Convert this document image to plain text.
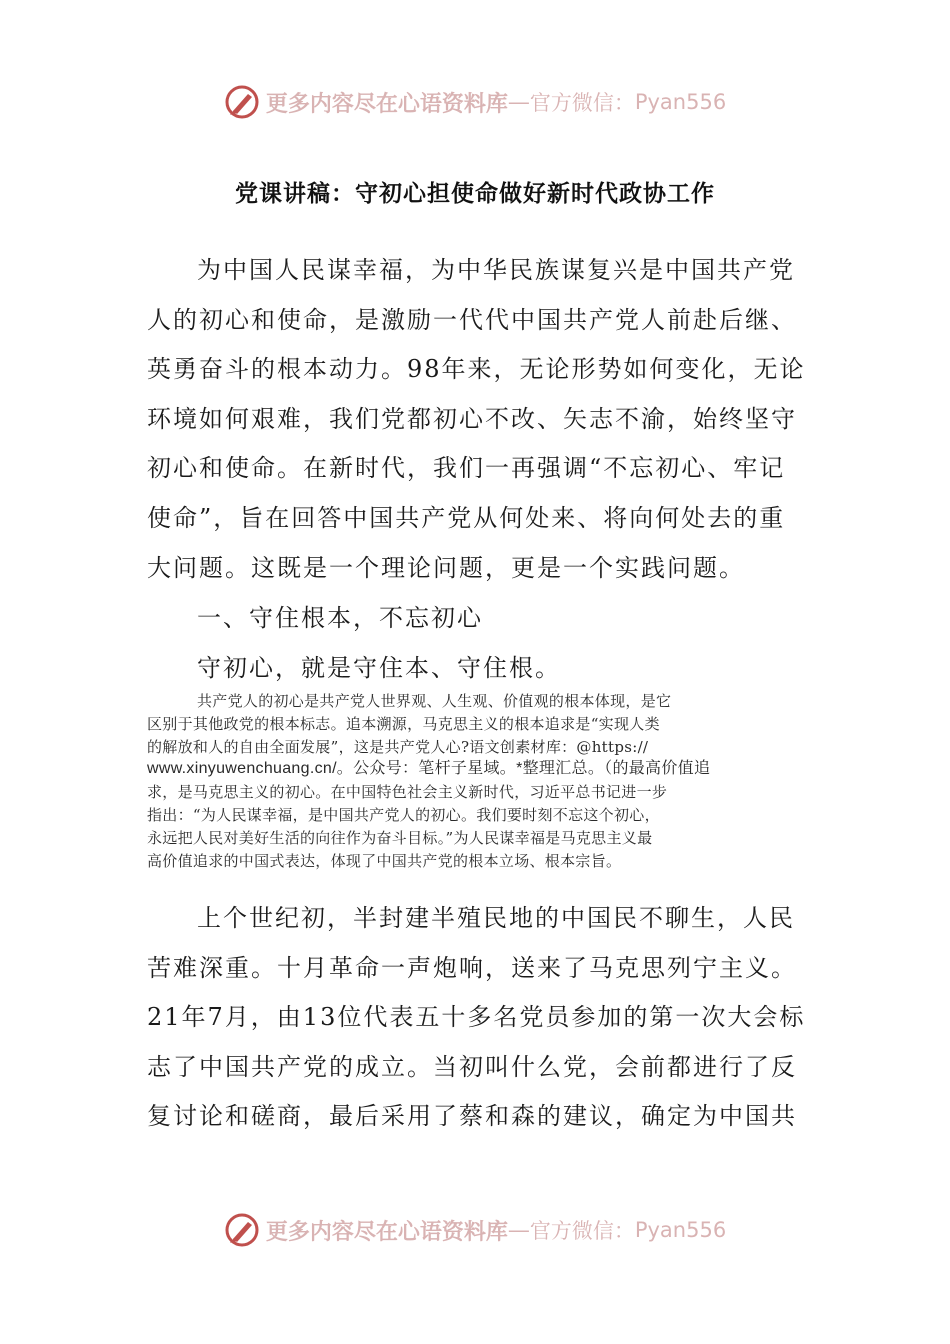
更多内容尽在心语资料库 — 官方微信： Pyan556
党课讲稿：守初心担使命做好新时代政协工作
为中国人民谋幸福，为中华民族谋复兴是中国共产党
人的初心和使命，是激励一代代中国共产党人前赴后继、
英勇奋斗的根本动力。98年来，无论形势如何变化，无论
环境如何艰难，我们党都初心不改、矢志不渝，始终坚守
初心和使命。在新时代，我们一再强调“不忘初心、牢记
使命”，旨在回答中国共产党从何处来、将向何处去的重
大问题。这既是一个理论问题，更是一个实践问题。
一、守住根本，不忘初心
守初心，就是守住本、守住根。
共产党人的初心是共产党人世界观、人生观、价值观的根本体现，是它
区别于其他政党的根本标志。追本溯源，马克思主义的根本追求是“实现人类
的解放和人的自由全面发展”，这是共产党人心?语文创素材库：@https://
www.xinyuwenchuang.cn/。公众号：笔杆子星域。*整理汇总。（的最高价值追
求，是马克思主义的初心。在中国特色社会主义新时代，习近平总书记进一步
指出：“为人民谋幸福，是中国共产党人的初心。我们要时刻不忘这个初心，
永远把人民对美好生活的向往作为奋斗目标。”为人民谋幸福是马克思主义最
高价值追求的中国式表达，体现了中国共产党的根本立场、根本宗旨。
上个世纪初，半封建半殖民地的中国民不聊生，人民
苦难深重。十月革命一声炮响，送来了马克思列宁主义。
21年7月，由13位代表五十多名党员参加的第一次大会标
志了中国共产党的成立。当初叫什么党，会前都进行了反
复讨论和磋商，最后采用了蔡和森的建议，确定为中国共
更多内容尽在心语资料库 — 官方微信： Pyan556
